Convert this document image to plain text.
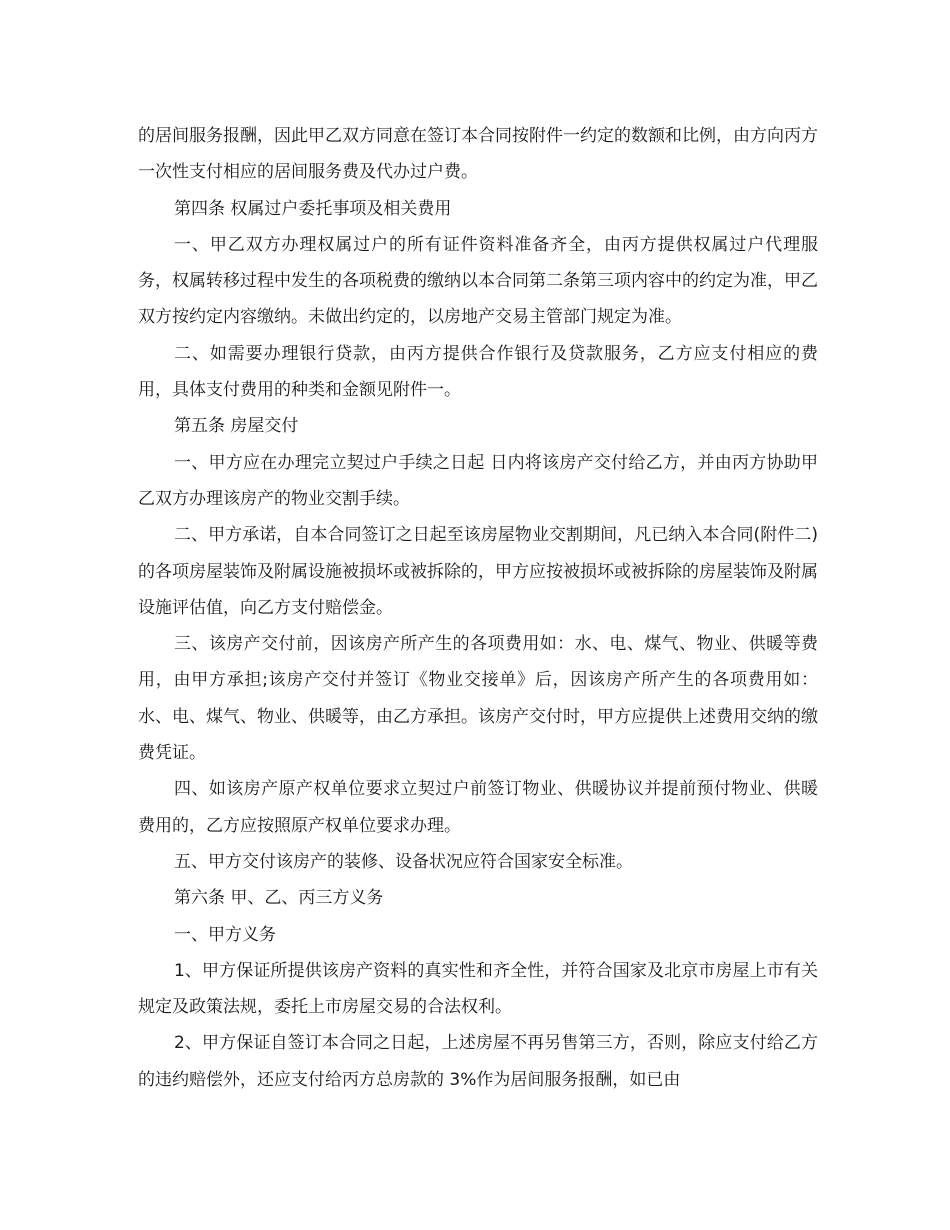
的居间服务报酬，因此甲乙双方同意在签订本合同按附件一约定的数额和比例，由方向丙方一次性支付相应的居间服务费及代办过户费。

第四条 权属过户委托事项及相关费用

一、甲乙双方办理权属过户的所有证件资料准备齐全，由丙方提供权属过户代理服务，权属转移过程中发生的各项税费的缴纳以本合同第二条第三项内容中的约定为准，甲乙双方按约定内容缴纳。未做出约定的，以房地产交易主管部门规定为准。

二、如需要办理银行贷款，由丙方提供合作银行及贷款服务，乙方应支付相应的费用，具体支付费用的种类和金额见附件一。

第五条 房屋交付

一、甲方应在办理完立契过户手续之日起 日内将该房产交付给乙方，并由丙方协助甲乙双方办理该房产的物业交割手续。

二、甲方承诺，自本合同签订之日起至该房屋物业交割期间，凡已纳入本合同(附件二)的各项房屋装饰及附属设施被损坏或被拆除的，甲方应按被损坏或被拆除的房屋装饰及附属设施评估值，向乙方支付赔偿金。

三、该房产交付前，因该房产所产生的各项费用如：水、电、煤气、物业、供暖等费用，由甲方承担;该房产交付并签订《物业交接单》后，因该房产所产生的各项费用如：水、电、煤气、物业、供暖等，由乙方承担。该房产交付时，甲方应提供上述费用交纳的缴费凭证。

四、如该房产原产权单位要求立契过户前签订物业、供暖协议并提前预付物业、供暖费用的，乙方应按照原产权单位要求办理。

五、甲方交付该房产的装修、设备状况应符合国家安全标准。

第六条 甲、乙、丙三方义务

一、甲方义务

1、甲方保证所提供该房产资料的真实性和齐全性，并符合国家及北京市房屋上市有关规定及政策法规，委托上市房屋交易的合法权利。

2、甲方保证自签订本合同之日起，上述房屋不再另售第三方，否则，除应支付给乙方的违约赔偿外，还应支付给丙方总房款的 3%作为居间服务报酬，如已由
